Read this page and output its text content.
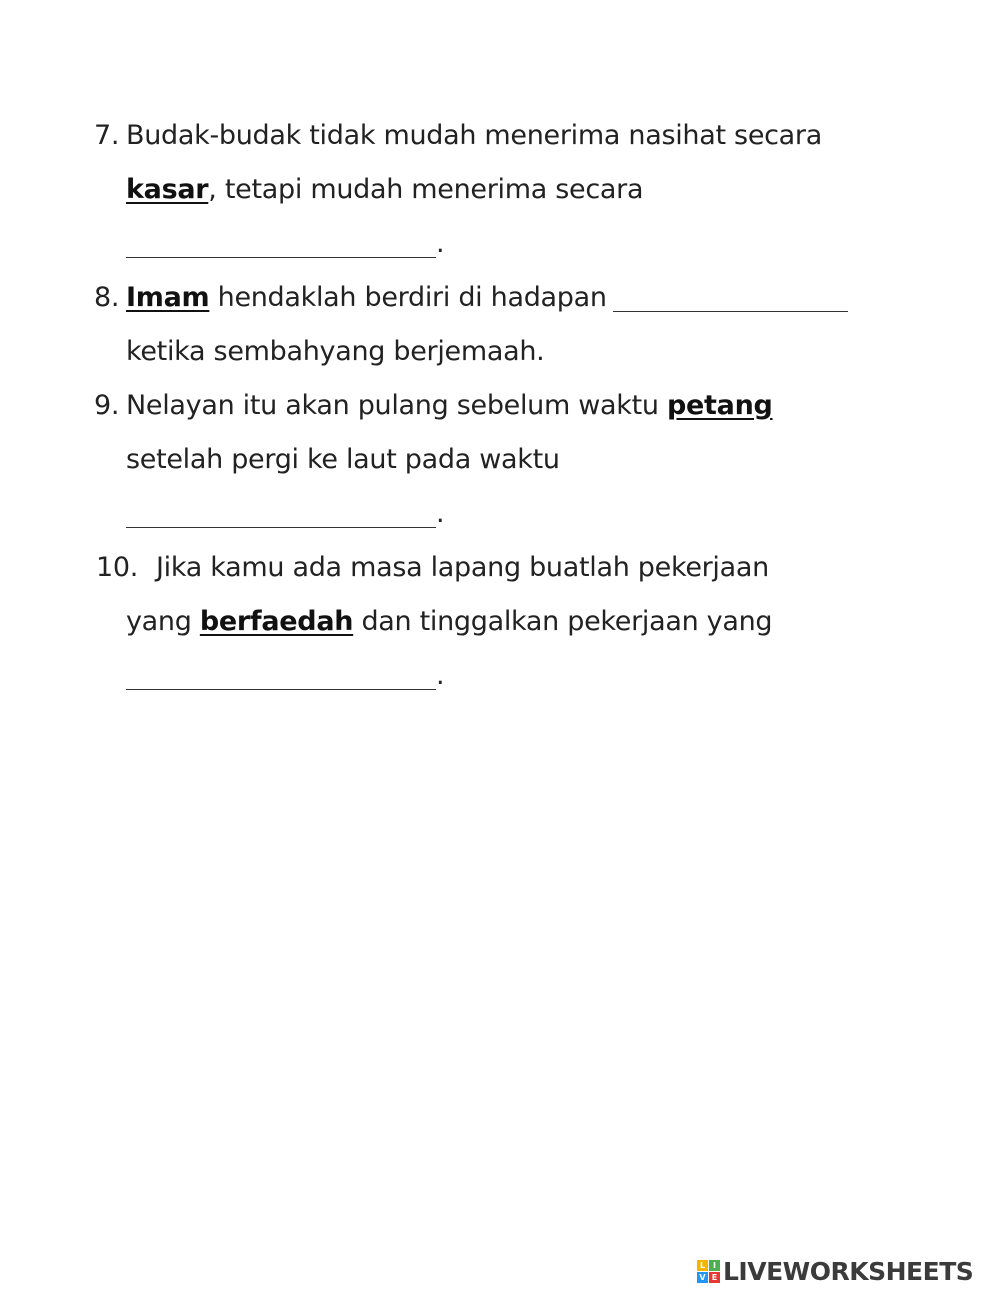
7. Budak-budak tidak mudah menerima nasihat secara
kasar, tetapi mudah menerima secara
.
8. Imam hendaklah berdiri di hadapan
ketika sembahyang berjemaah.
9. Nelayan itu akan pulang sebelum waktu petang
setelah pergi ke laut pada waktu
.
10. Jika kamu ada masa lapang buatlah pekerjaan
yang berfaedah dan tinggalkan pekerjaan yang
.
L I
V E LIVEWORKSHEETS
